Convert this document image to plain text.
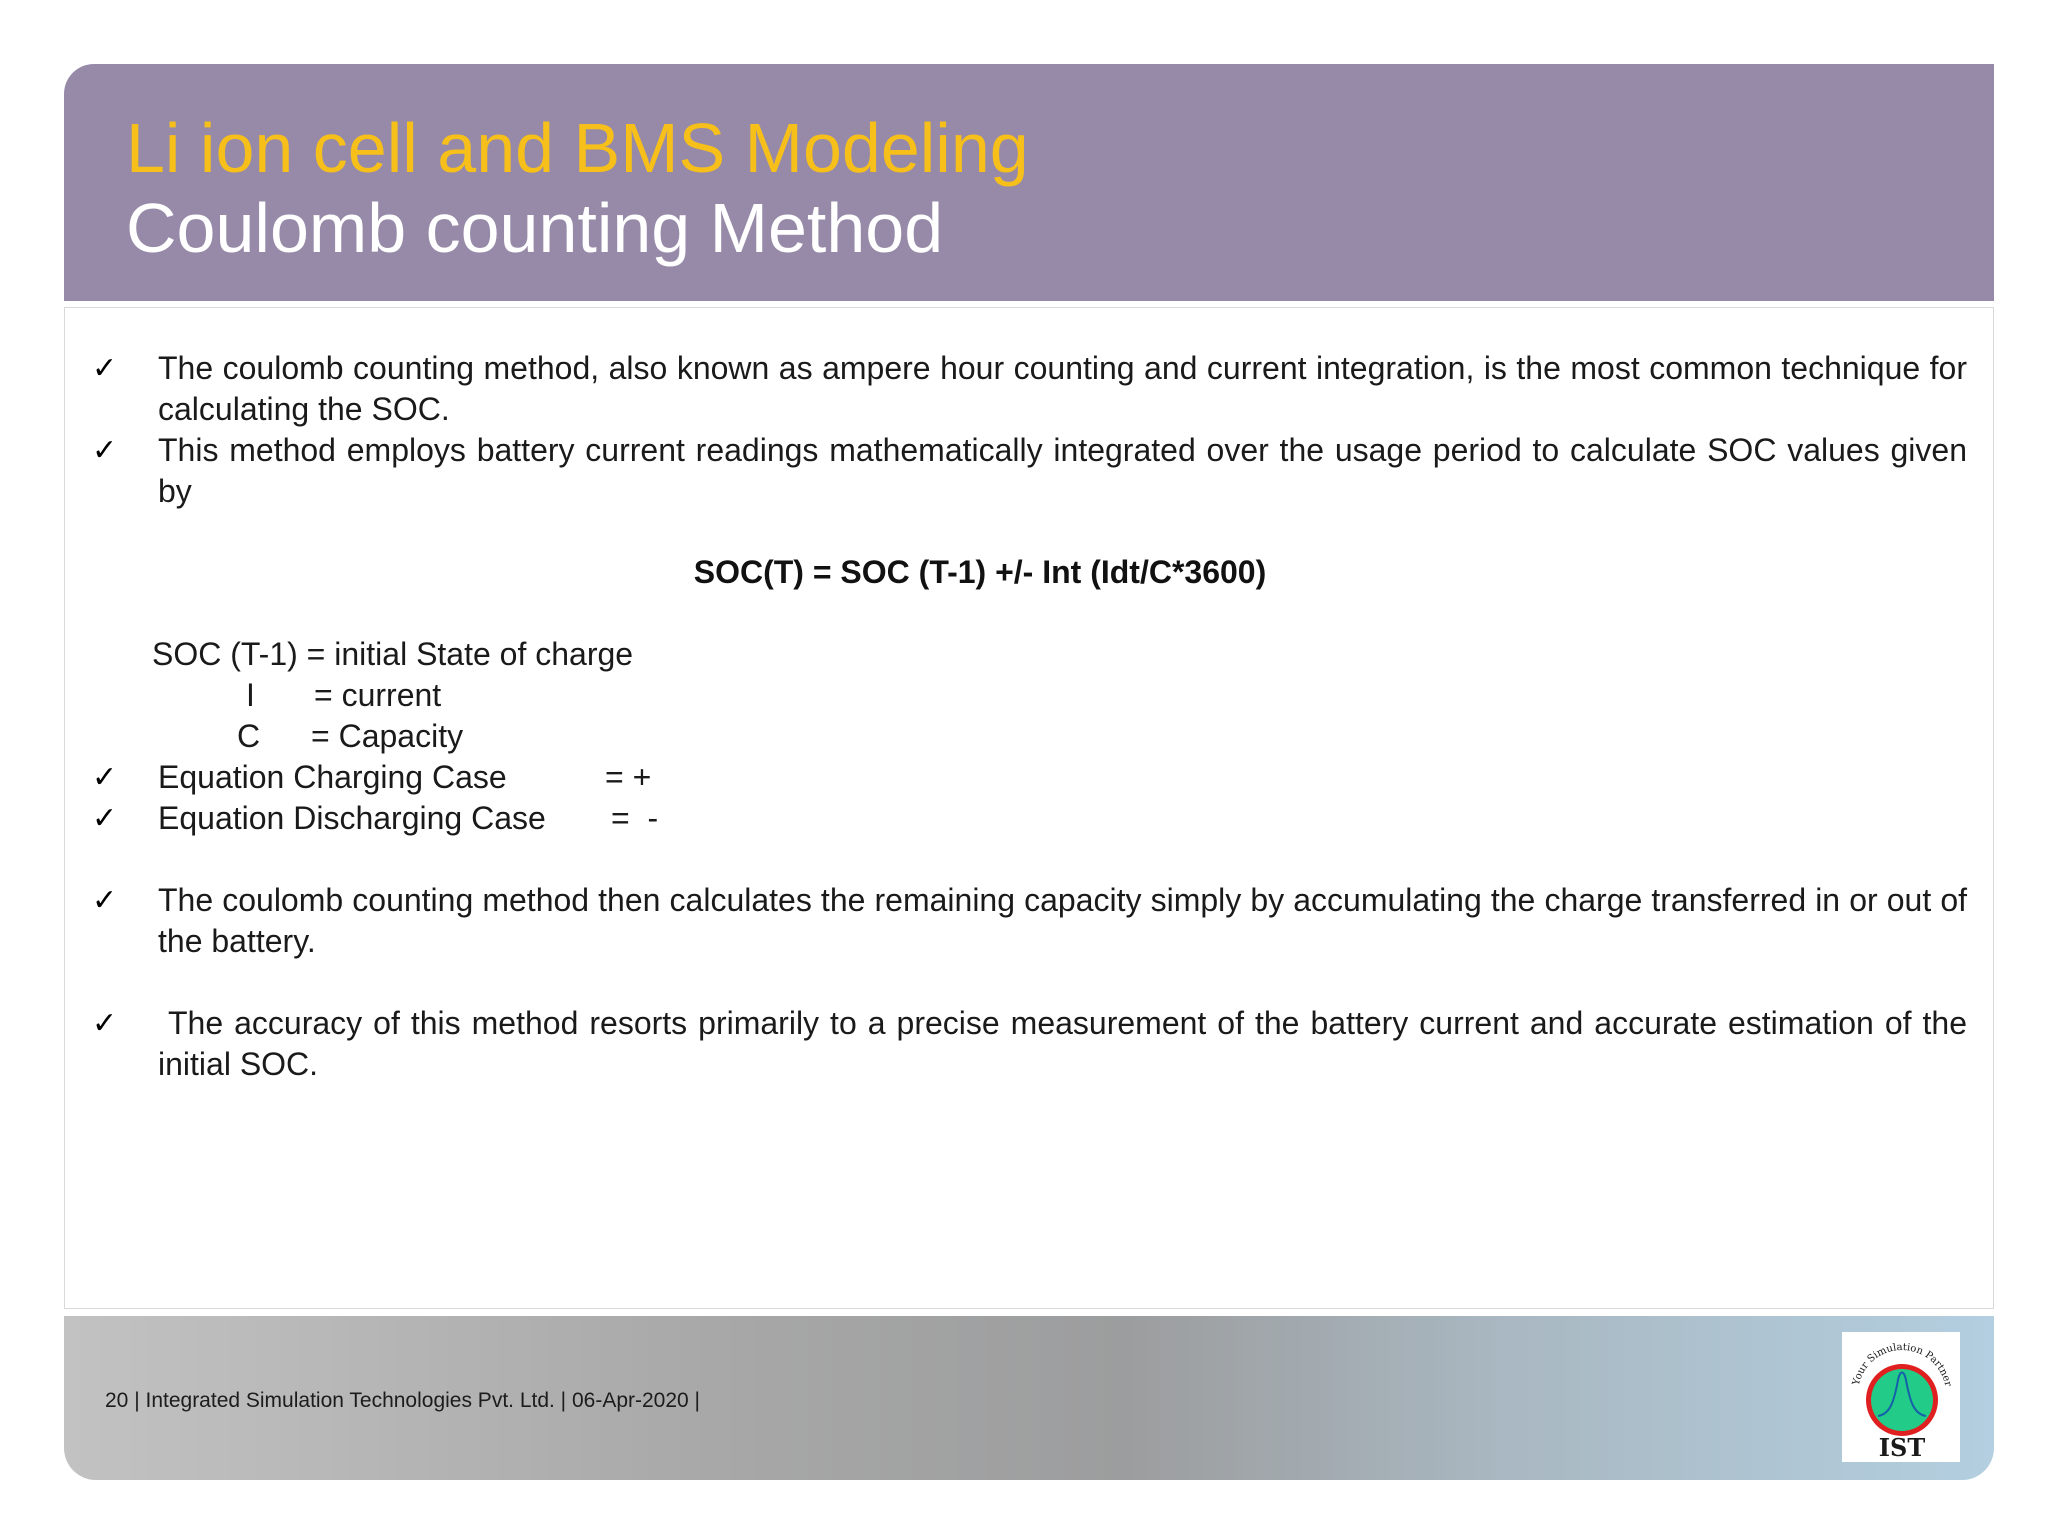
Li ion cell and BMS Modeling
Coulomb counting Method
✓ The coulomb counting method, also known as ampere hour counting and current integration, is the most common technique for calculating the SOC.
✓ This method employs battery current readings mathematically integrated over the usage period to calculate SOC values given by
SOC(T) = SOC (T-1) +/- Int (Idt/C*3600)
SOC (T-1) = initial State of charge
I = current
C = Capacity
✓ Equation Charging Case	= +
✓ Equation Discharging Case	=  -
✓ The coulomb counting method then calculates the remaining capacity simply by accumulating the charge transferred in or out of the battery.
✓	The accuracy of this method resorts primarily to a precise measurement of the battery current and accurate estimation of the initial SOC.
20 | Integrated Simulation Technologies Pvt. Ltd. | 06-Apr-2020 |
Your Simulation Partner
IST
